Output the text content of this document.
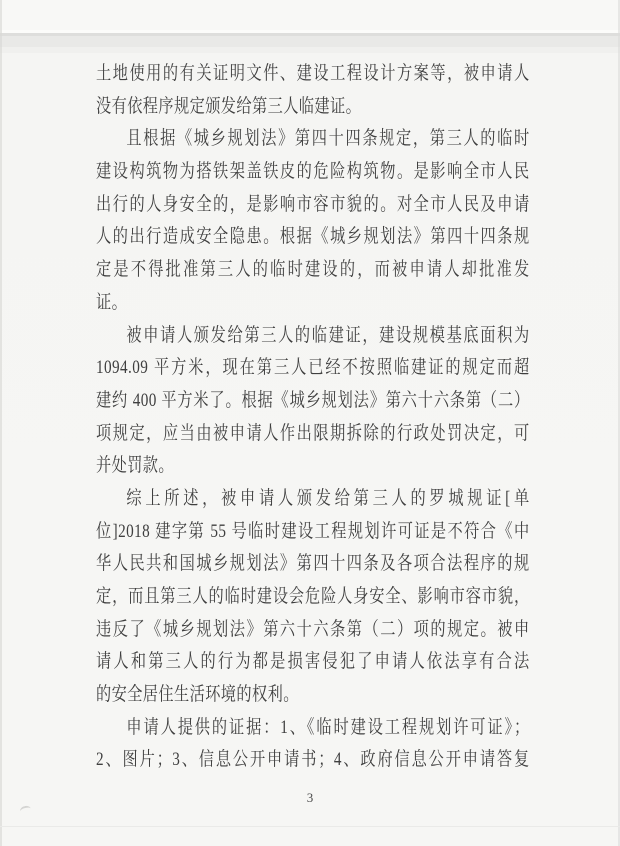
土地使用的有关证明文件、建设工程设计方案等，被申请人
没有依程序规定颁发给第三人临建证。
且根据《城乡规划法》第四十四条规定，第三人的临时
建设构筑物为搭铁架盖铁皮的危险构筑物。是影响全市人民
出行的人身安全的，是影响市容市貌的。对全市人民及申请
人的出行造成安全隐患。根据《城乡规划法》第四十四条规
定是不得批准第三人的临时建设的，而被申请人却批准发
证。
被申请人颁发给第三人的临建证，建设规模基底面积为
1094.09 平方米，现在第三人已经不按照临建证的规定而超
建约 400 平方米了。根据《城乡规划法》第六十六条第（二）
项规定，应当由被申请人作出限期拆除的行政处罚决定，可
并处罚款。
综上所述，被申请人颁发给第三人的罗城规证[单
位]2018 建字第 55 号临时建设工程规划许可证是不符合《中
华人民共和国城乡规划法》第四十四条及各项合法程序的规
定，而且第三人的临时建设会危险人身安全、影响市容市貌，
违反了《城乡规划法》第六十六条第（二）项的规定。被申
请人和第三人的行为都是损害侵犯了申请人依法享有合法
的安全居住生活环境的权利。
申请人提供的证据：1、《临时建设工程规划许可证》；
2、图片；3、信息公开申请书；4、政府信息公开申请答复
3
